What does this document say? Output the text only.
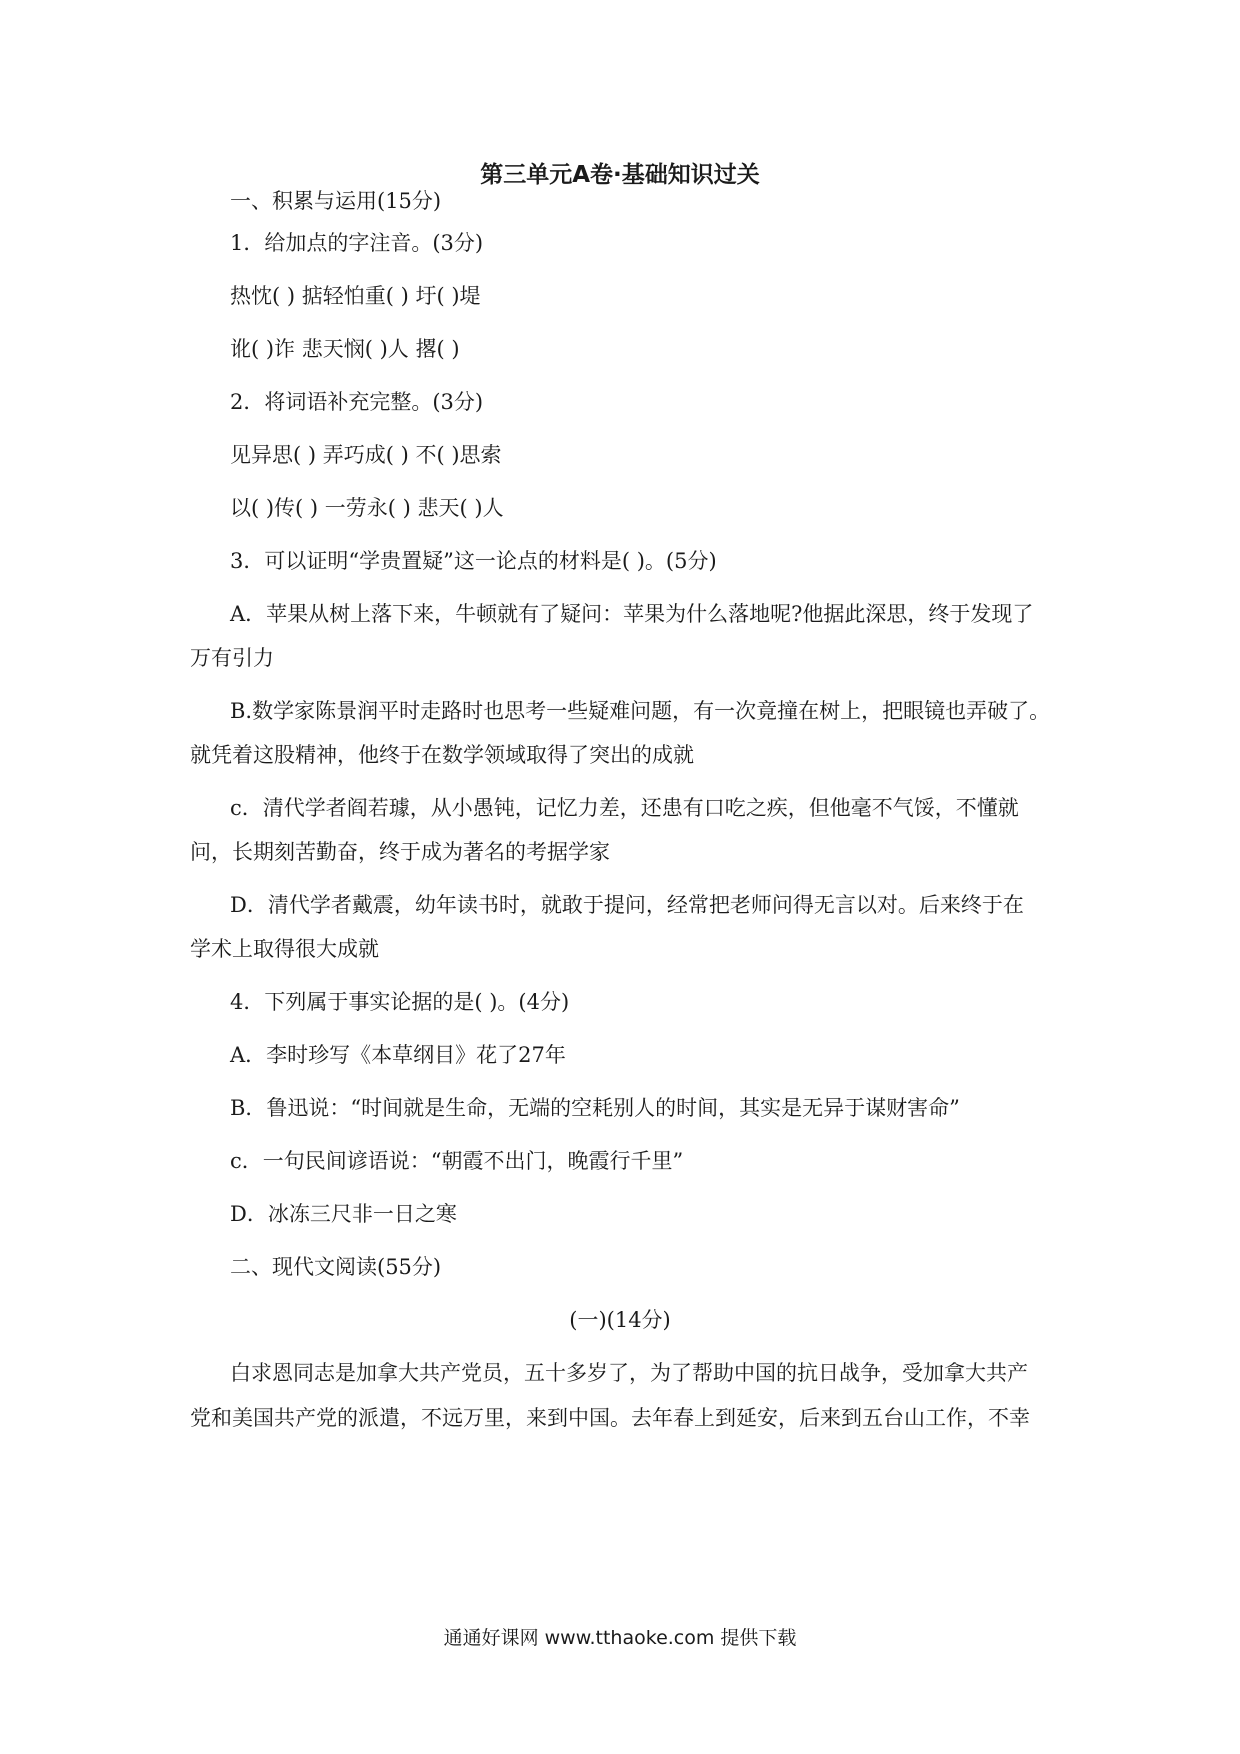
第三单元A卷·基础知识过关
一、积累与运用(15分)
1．给加点的字注音。(3分)
热忱( ) 掂轻怕重( ) 圩( )堤
讹( )诈 悲天悯( )人 撂( )
2．将词语补充完整。(3分)
见异思( ) 弄巧成( ) 不( )思索
以( )传( ) 一劳永( ) 悲天( )人
3．可以证明“学贵置疑”这一论点的材料是( )。(5分)
A．苹果从树上落下来，牛顿就有了疑问：苹果为什么落地呢?他据此深思，终于发现了
万有引力
B.数学家陈景润平时走路时也思考一些疑难问题，有一次竟撞在树上，把眼镜也弄破了。
就凭着这股精神，他终于在数学领域取得了突出的成就
c．清代学者阎若璩，从小愚钝，记忆力差，还患有口吃之疾，但他毫不气馁，不懂就
问，长期刻苦勤奋，终于成为著名的考据学家
D．清代学者戴震，幼年读书时，就敢于提问，经常把老师问得无言以对。后来终于在
学术上取得很大成就
4．下列属于事实论据的是( )。(4分)
A．李时珍写《本草纲目》花了27年
B．鲁迅说：“时间就是生命，无端的空耗别人的时间，其实是无异于谋财害命”
c．一句民间谚语说：“朝霞不出门，晚霞行千里”
D．冰冻三尺非一日之寒
二、现代文阅读(55分)
(一)(14分)
白求恩同志是加拿大共产党员，五十多岁了，为了帮助中国的抗日战争，受加拿大共产
党和美国共产党的派遣，不远万里，来到中国。去年春上到延安，后来到五台山工作，不幸
通通好课网 www.tthaoke.com 提供下载
